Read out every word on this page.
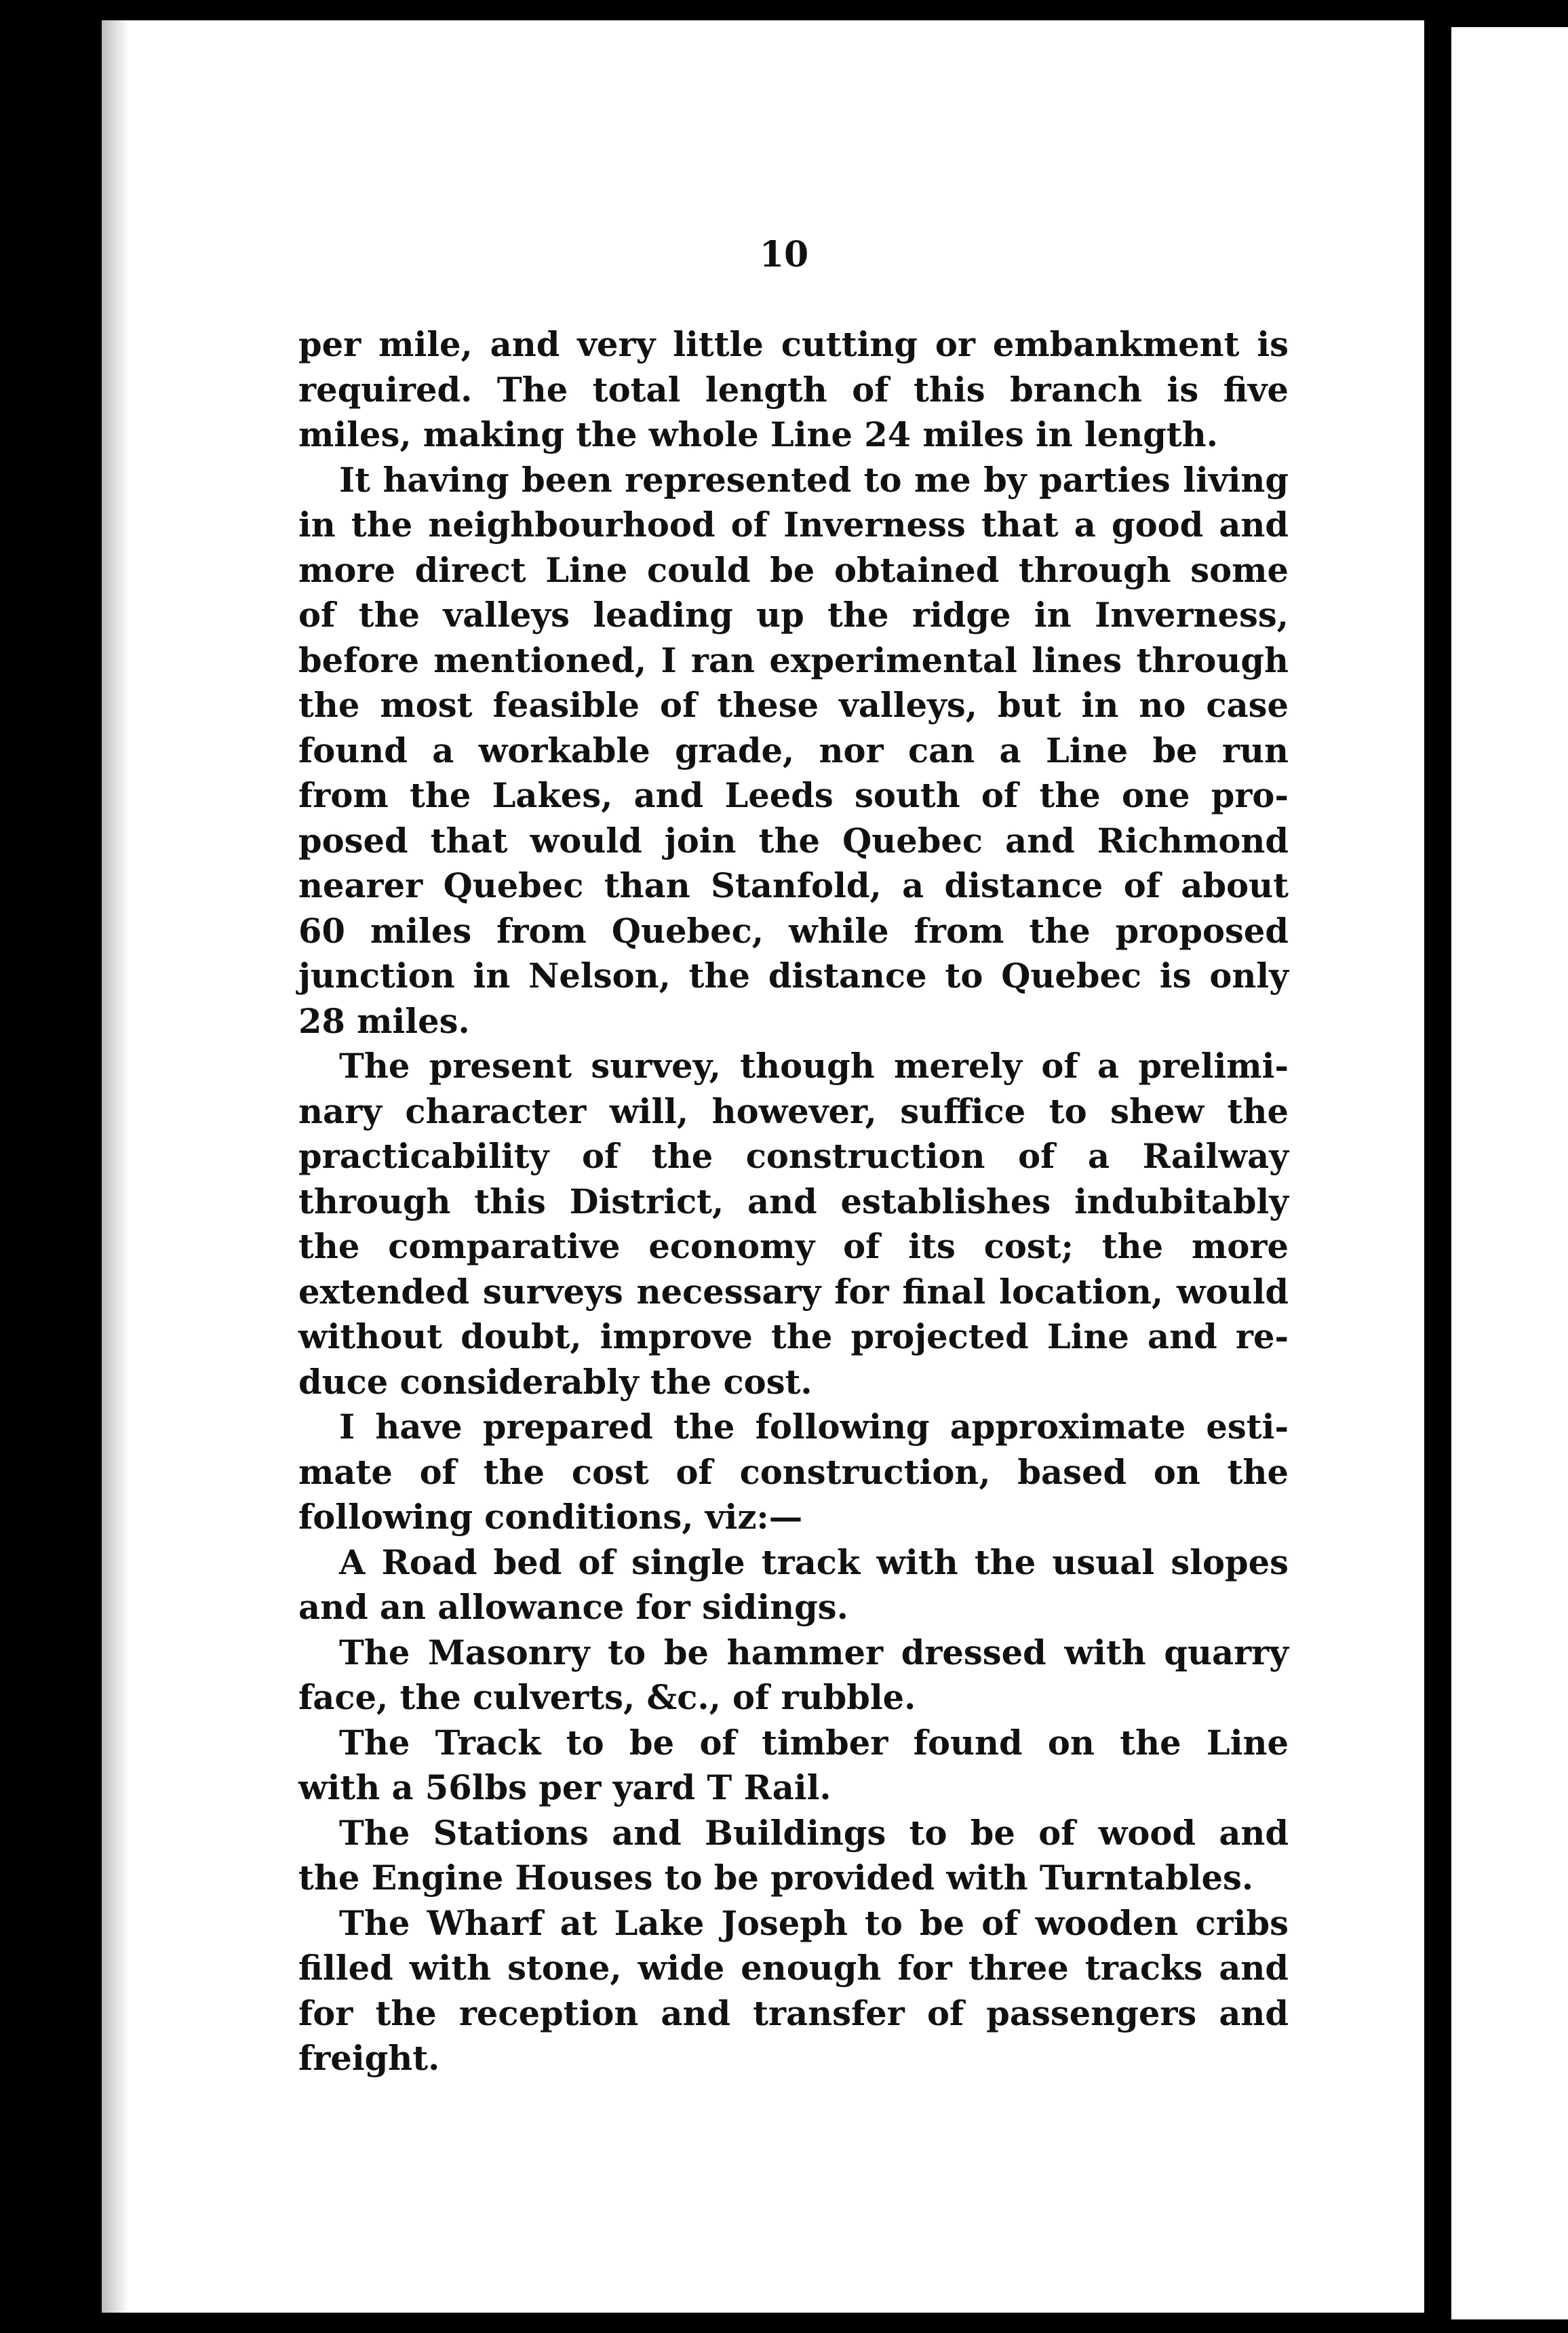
10
per mile, and very little cutting or embankment is
required. The total length of this branch is five
miles, making the whole Line 24 miles in length.
It having been represented to me by parties living
in the neighbourhood of Inverness that a good and
more direct Line could be obtained through some
of the valleys leading up the ridge in Inverness,
before mentioned, I ran experimental lines through
the most feasible of these valleys, but in no case
found a workable grade, nor can a Line be run
from the Lakes, and Leeds south of the one pro-
posed that would join the Quebec and Richmond
nearer Quebec than Stanfold, a distance of about
60 miles from Quebec, while from the proposed
junction in Nelson, the distance to Quebec is only
28 miles.
The present survey, though merely of a prelimi-
nary character will, however, suffice to shew the
practicability of the construction of a Railway
through this District, and establishes indubitably
the comparative economy of its cost; the more
extended surveys necessary for final location, would
without doubt, improve the projected Line and re-
duce considerably the cost.
I have prepared the following approximate esti-
mate of the cost of construction, based on the
following conditions, viz:—
A Road bed of single track with the usual slopes
and an allowance for sidings.
The Masonry to be hammer dressed with quarry
face, the culverts, &c., of rubble.
The Track to be of timber found on the Line
with a 56lbs per yard T Rail.
The Stations and Buildings to be of wood and
the Engine Houses to be provided with Turntables.
The Wharf at Lake Joseph to be of wooden cribs
filled with stone, wide enough for three tracks and
for the reception and transfer of passengers and
freight.
